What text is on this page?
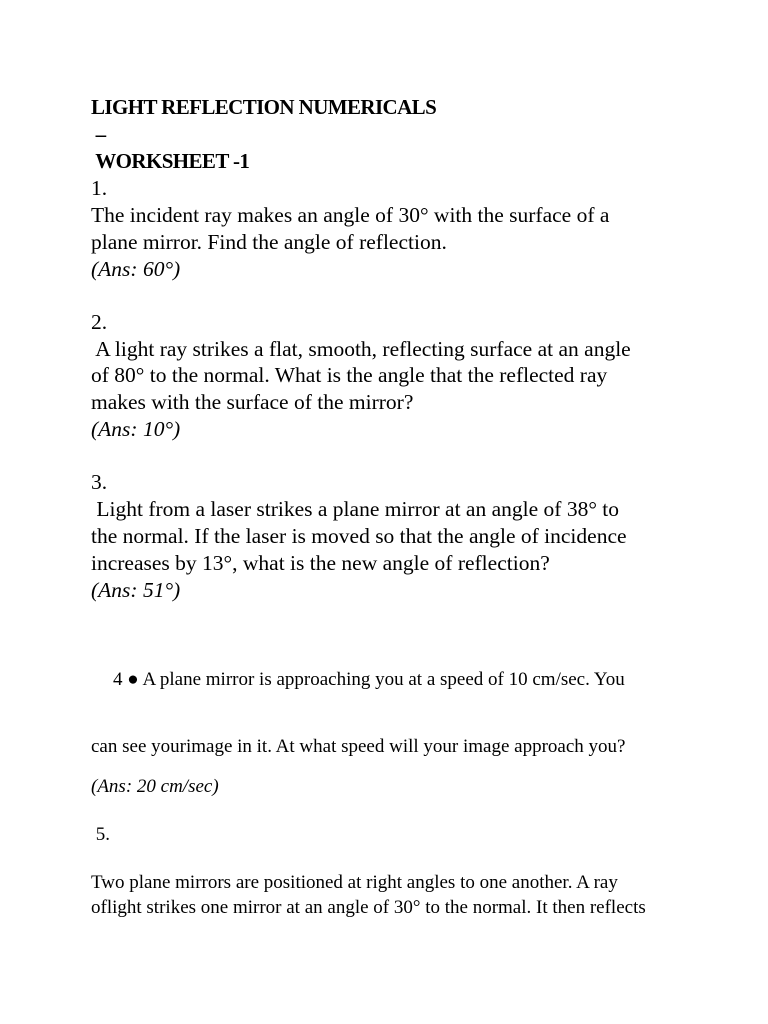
LIGHT REFLECTION NUMERICALS
–
WORKSHEET -1
1.
The incident ray makes an angle of 30° with the surface of a
plane mirror. Find the angle of reflection.
(Ans: 60°)
2.
A light ray strikes a flat, smooth, reflecting surface at an angle
of 80° to the normal. What is the angle that the reflected ray
makes with the surface of the mirror?
(Ans: 10°)
3.
Light from a laser strikes a plane mirror at an angle of 38° to
the normal. If the laser is moved so that the angle of incidence
increases by 13°, what is the new angle of reflection?
(Ans: 51°)
4 ● A plane mirror is approaching you at a speed of 10 cm/sec. You
can see yourimage in it. At what speed will your image approach you?
(Ans: 20 cm/sec)
5.
Two plane mirrors are positioned at right angles to one another. A ray
oflight strikes one mirror at an angle of 30° to the normal. It then reflects
